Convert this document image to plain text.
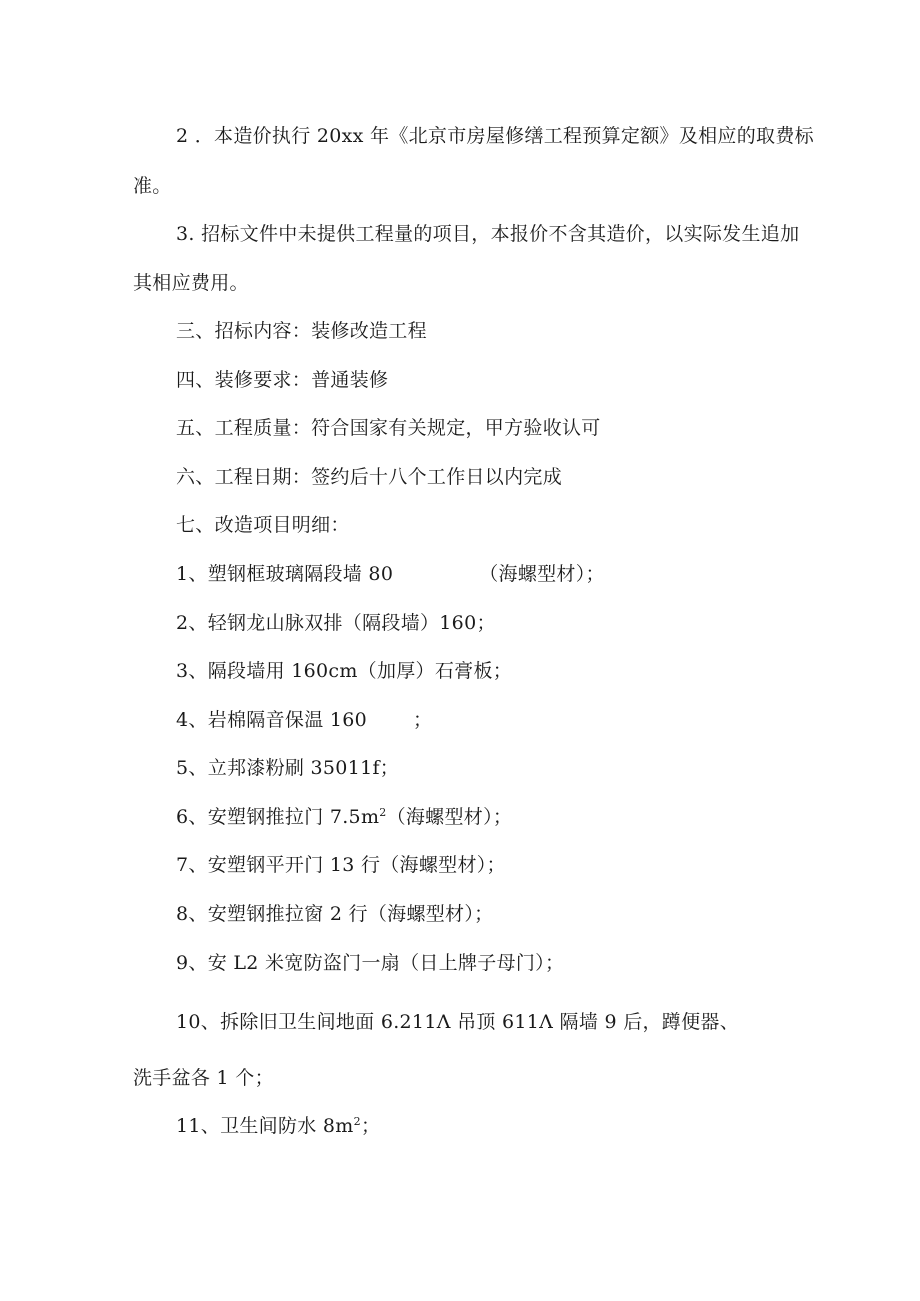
2 ．本造价执行 20xx 年《北京市房屋修缮工程预算定额》及相应的取费标
准。
3. 招标文件中未提供工程量的项目，本报价不含其造价，以实际发生追加
其相应费用。
三、招标内容：装修改造工程
四、装修要求：普通装修
五、工程质量：符合国家有关规定，甲方验收认可
六、工程日期：签约后十八个工作日以内完成
七、改造项目明细：
1、塑钢框玻璃隔段墙 80	（海螺型材）；
2、轻钢龙山脉双排（隔段墙）160；
3、隔段墙用 160cm（加厚）石膏板；
4、岩棉隔音保温 160 ；
5、立邦漆粉刷 35011f；
6、安塑钢推拉门 $7.5m^2$（海螺型材）；
7、安塑钢平开门 13 行（海螺型材）；
8、安塑钢推拉窗 2 行（海螺型材）；
9、安 L2 米宽防盗门一扇（日上牌子母门）；
10、拆除旧卫生间地面 6.211Λ 吊顶 611Λ 隔墙 9 后，蹲便器、
洗手盆各 1 个；
11、卫生间防水 $8m^2$；
